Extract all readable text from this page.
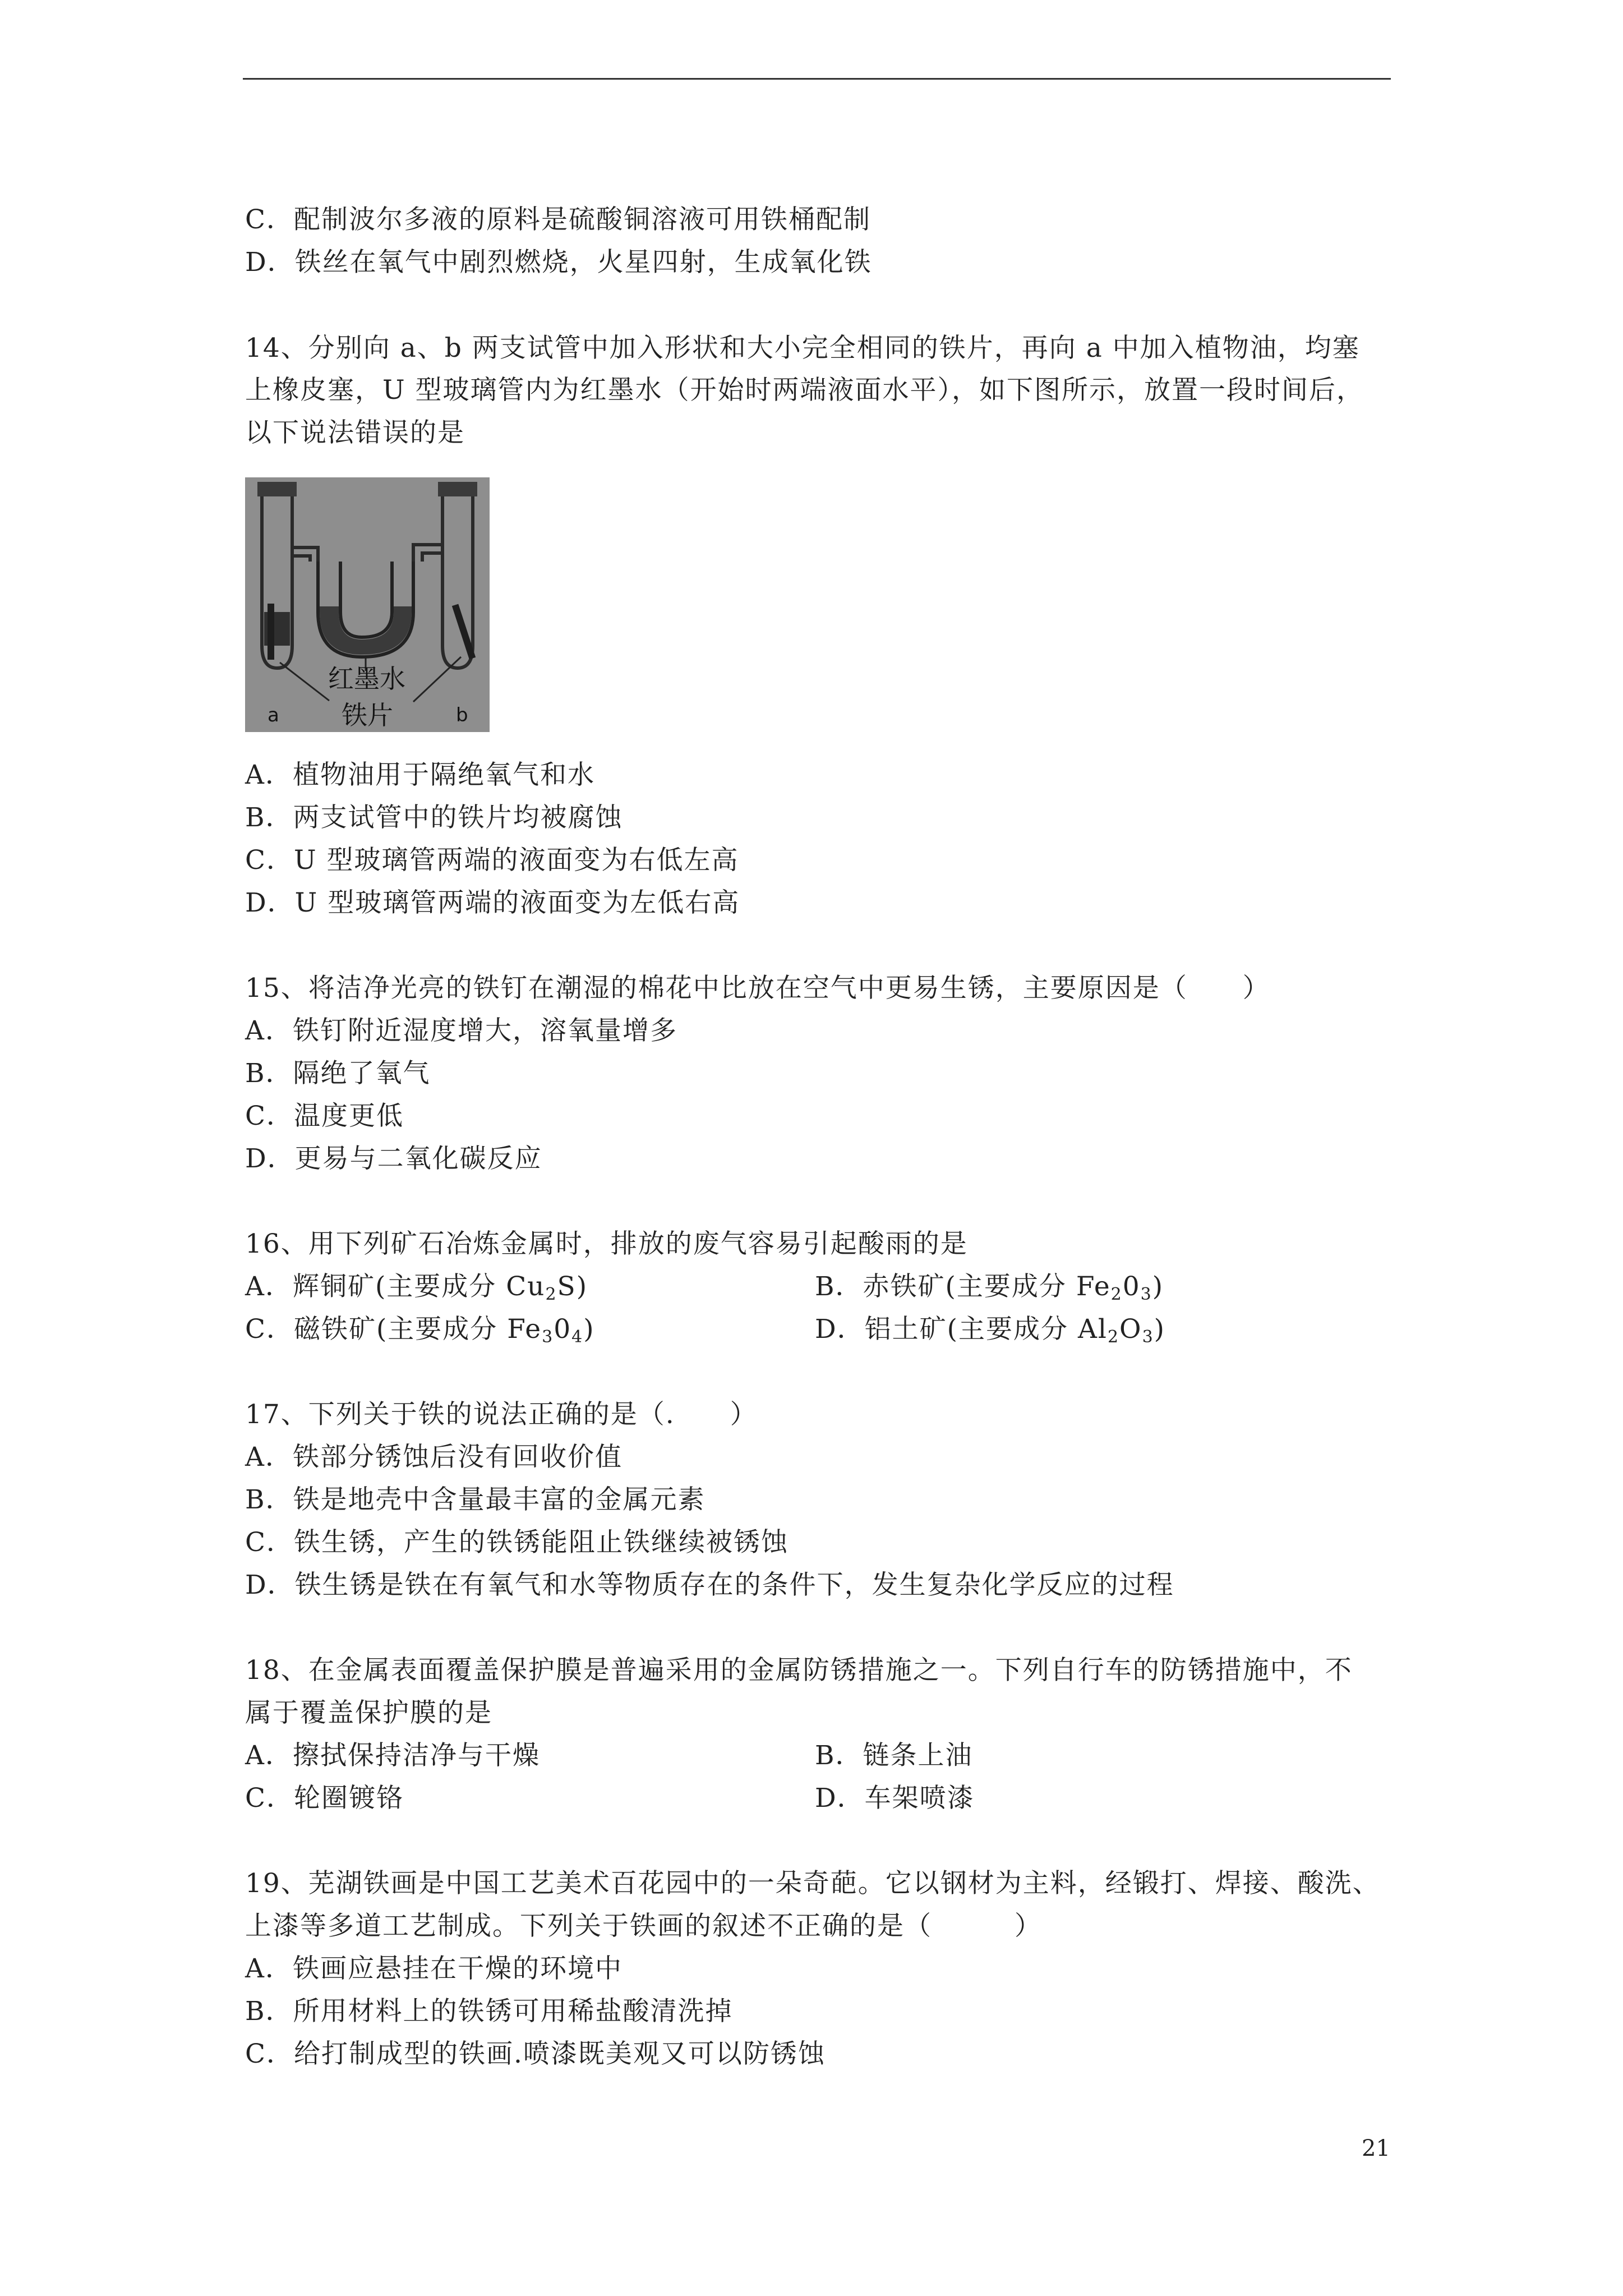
C．配制波尔多液的原料是硫酸铜溶液可用铁桶配制
D．铁丝在氧气中剧烈燃烧，火星四射，生成氧化铁
14、分别向 a、b 两支试管中加入形状和大小完全相同的铁片，再向 a 中加入植物油，均塞
上橡皮塞，U 型玻璃管内为红墨水（开始时两端液面水平），如下图所示，放置一段时间后，
以下说法错误的是
红墨水
铁片
a	b
A．植物油用于隔绝氧气和水
B．两支试管中的铁片均被腐蚀
C．U 型玻璃管两端的液面变为右低左高
D．U 型玻璃管两端的液面变为左低右高
15、将洁净光亮的铁钉在潮湿的棉花中比放在空气中更易生锈，主要原因是（　　）
A．铁钉附近湿度增大，溶氧量增多
B．隔绝了氧气
C．温度更低
D．更易与二氧化碳反应
16、用下列矿石冶炼金属时，排放的废气容易引起酸雨的是
A．辉铜矿(主要成分 $Cu_2S$)	B．赤铁矿(主要成分 $Fe_20_3$)
C．磁铁矿(主要成分 $Fe_30_4$)	D．铝土矿(主要成分 $Al_2O_3$)
17、下列关于铁的说法正确的是（.　　）
A．铁部分锈蚀后没有回收价值
B．铁是地壳中含量最丰富的金属元素
C．铁生锈，产生的铁锈能阻止铁继续被锈蚀
D．铁生锈是铁在有氧气和水等物质存在的条件下，发生复杂化学反应的过程
18、在金属表面覆盖保护膜是普遍采用的金属防锈措施之一。下列自行车的防锈措施中，不
属于覆盖保护膜的是
A．擦拭保持洁净与干燥	B．链条上油
C．轮圈镀铬	D．车架喷漆
19、芜湖铁画是中国工艺美术百花园中的一朵奇葩。它以钢材为主料，经锻打、焊接、酸洗、
上漆等多道工艺制成。下列关于铁画的叙述不正确的是（　　　）
A．铁画应悬挂在干燥的环境中
B．所用材料上的铁锈可用稀盐酸清洗掉
C．给打制成型的铁画.喷漆既美观又可以防锈蚀
21
